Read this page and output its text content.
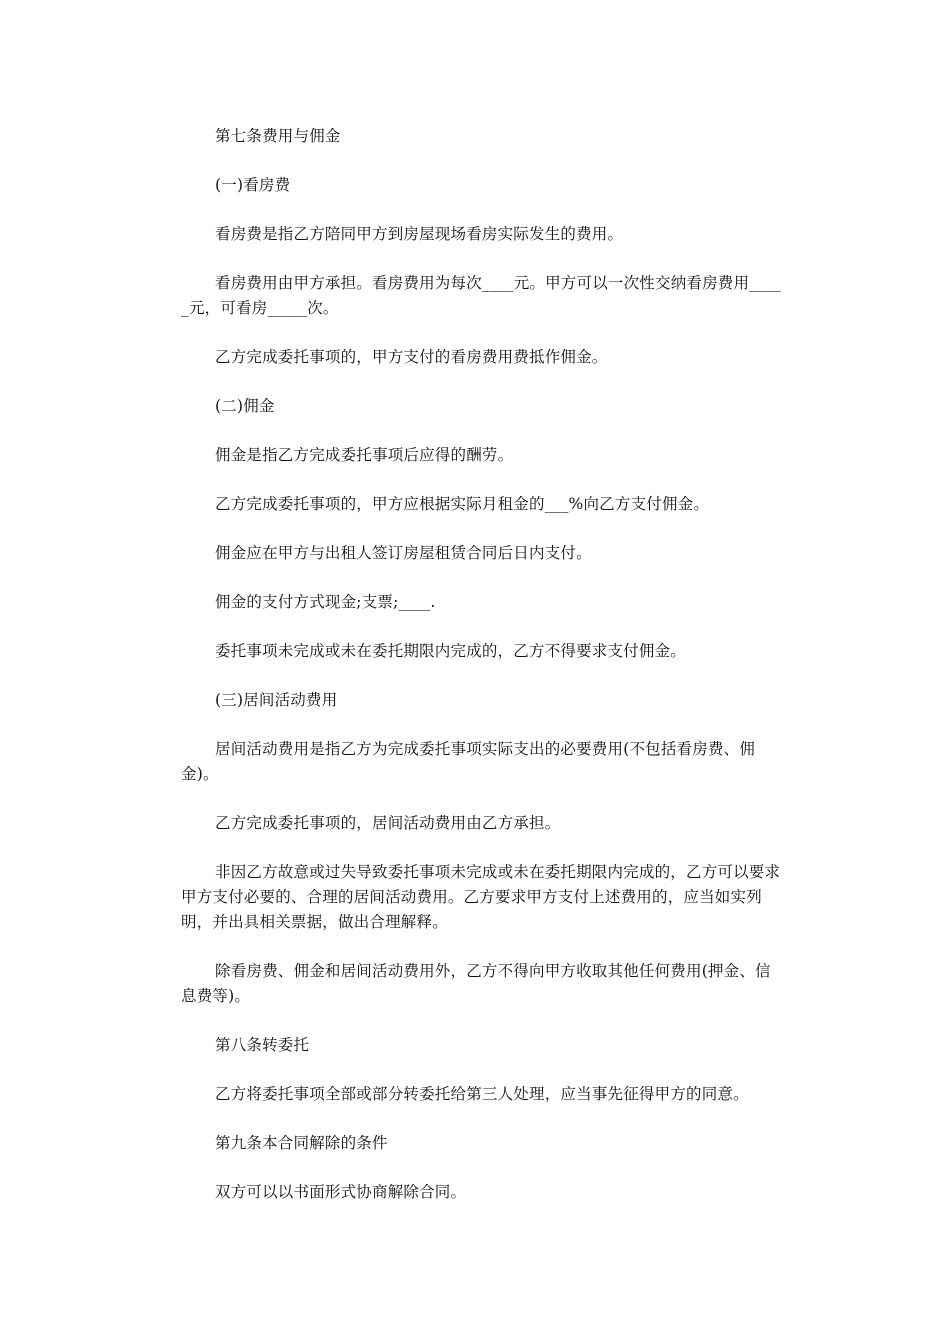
第七条费用与佣金

(一)看房费

看房费是指乙方陪同甲方到房屋现场看房实际发生的费用。

看房费用由甲方承担。看房费用为每次____元。甲方可以一次性交纳看房费用_____元，可看房_____次。

乙方完成委托事项的，甲方支付的看房费用费抵作佣金。

(二)佣金

佣金是指乙方完成委托事项后应得的酬劳。

乙方完成委托事项的，甲方应根据实际月租金的___%向乙方支付佣金。

佣金应在甲方与出租人签订房屋租赁合同后日内支付。

佣金的支付方式现金;支票;____.

委托事项未完成或未在委托期限内完成的，乙方不得要求支付佣金。

(三)居间活动费用

居间活动费用是指乙方为完成委托事项实际支出的必要费用(不包括看房费、佣金)。

乙方完成委托事项的，居间活动费用由乙方承担。

非因乙方故意或过失导致委托事项未完成或未在委托期限内完成的，乙方可以要求甲方支付必要的、合理的居间活动费用。乙方要求甲方支付上述费用的，应当如实列明，并出具相关票据，做出合理解释。

除看房费、佣金和居间活动费用外，乙方不得向甲方收取其他任何费用(押金、信息费等)。

第八条转委托

乙方将委托事项全部或部分转委托给第三人处理，应当事先征得甲方的同意。

第九条本合同解除的条件

双方可以以书面形式协商解除合同。
